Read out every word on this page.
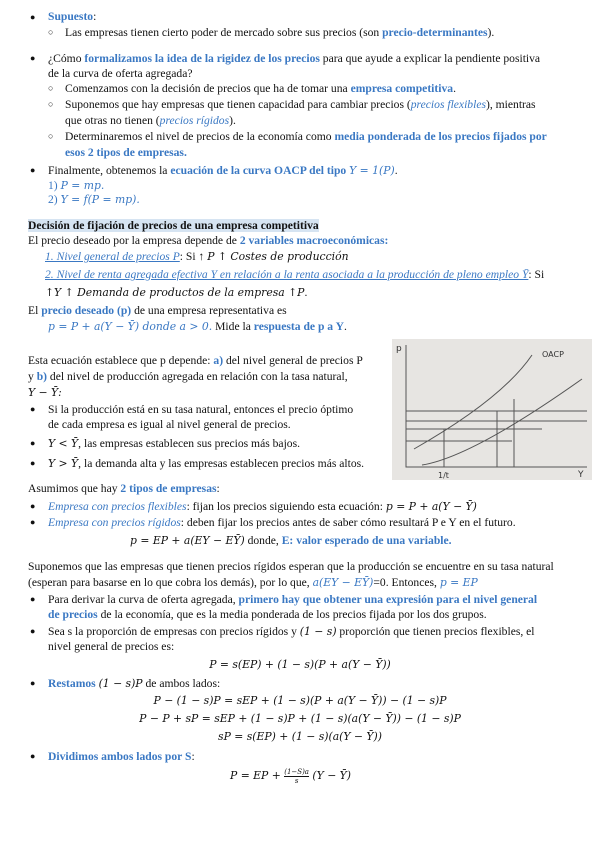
● Supuesto:
○ Las empresas tienen cierto poder de mercado sobre sus precios (son precio-determinantes).
● ¿Cómo formalizamos la idea de la rigidez de los precios para que ayude a explicar la pendiente positiva
de la curva de oferta agregada?
○ Comenzamos con la decisión de precios que ha de tomar una empresa competitiva.
○ Suponemos que hay empresas que tienen capacidad para cambiar precios (precios flexibles), mientras
que otras no tienen (precios rígidos).
○ Determinaremos el nivel de precios de la economía como media ponderada de los precios fijados por
esos 2 tipos de empresas.
● Finalmente, obtenemos la ecuación de la curva OACP del tipo Y = 1(P).
1) P = mp.
2) Y = f(P = mp).
Decisión de fijación de precios de una empresa competitiva
El precio deseado por la empresa depende de 2 variables macroeconómicas:
1. Nivel general de precios P: Si ↑ P ↑ Costes de producción
2. Nivel de renta agregada efectiva Y en relación a la renta asociada a la producción de pleno empleo Ȳ: Si
↑Y ↑ Demanda de productos de la empresa ↑P.
El precio deseado (p) de una empresa representativa es
p = P + a(Y − Ȳ) donde a > 0. Mide la respuesta de p a Y.
Esta ecuación establece que p depende: a) del nivel general de precios P
y b) del nivel de producción agregada en relación con la tasa natural,
Y − Ȳ:
● Si la producción está en su tasa natural, entonces el precio óptimo
de cada empresa es igual al nivel general de precios.
● Y < Ȳ, las empresas establecen sus precios más bajos.
● Y > Ȳ, la demanda alta y las empresas establecen precios más altos.
p
OACP
Y
1/t
Asumimos que hay 2 tipos de empresas:
● Empresa con precios flexibles: fijan los precios siguiendo esta ecuación: p = P + a(Y − Ȳ)
● Empresa con precios rígidos: deben fijar los precios antes de saber cómo resultará P e Y en el futuro.
p = EP + a(EY − EȲ) donde, E: valor esperado de una variable.
Suponemos que las empresas que tienen precios rígidos esperan que la producción se encuentre en su tasa natural
(esperan para basarse en lo que cobra los demás), por lo que, a(EY − EȲ)=0. Entonces, p = EP
● Para derivar la curva de oferta agregada, primero hay que obtener una expresión para el nivel general
de precios de la economía, que es la media ponderada de los precios fijada por los dos grupos.
● Sea s la proporción de empresas con precios rígidos y (1 − s) proporción que tienen precios flexibles, el
nivel general de precios es:
P = s(EP) + (1 − s)(P + a(Y − Ȳ))
● Restamos (1 − s)P de ambos lados:
P − (1 − s)P = sEP + (1 − s)(P + a(Y − Ȳ)) − (1 − s)P
P − P + sP = sEP + (1 − s)P + (1 − s)(a(Y − Ȳ)) − (1 − s)P
sP = s(EP) + (1 − s)(a(Y − Ȳ))
● Dividimos ambos lados por S:
P = EP + $\frac{(1-S)a}{s} (Y$ − Ȳ)
